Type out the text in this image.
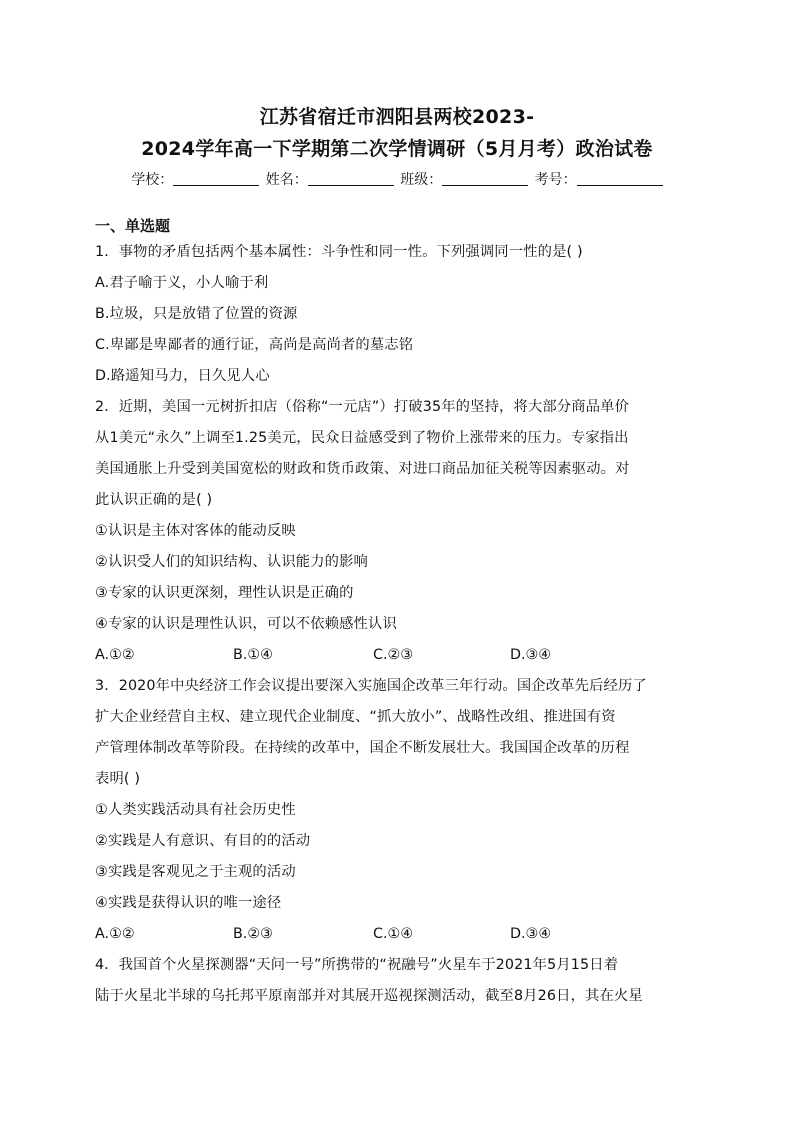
江苏省宿迁市泗阳县两校2023-
2024学年高一下学期第二次学情调研（5月月考）政治试卷
学校：	姓名：	班级：	考号：
一、单选题
1．事物的矛盾包括两个基本属性：斗争性和同一性。下列强调同一性的是( )
A.君子喻于义，小人喻于利
B.垃圾，只是放错了位置的资源
C.卑鄙是卑鄙者的通行证，高尚是高尚者的墓志铭
D.路遥知马力，日久见人心
2．近期，美国一元树折扣店（俗称“一元店”）打破35年的坚持，将大部分商品单价
从1美元“永久”上调至1.25美元，民众日益感受到了物价上涨带来的压力。专家指出
美国通胀上升受到美国宽松的财政和货币政策、对进口商品加征关税等因素驱动。对
此认识正确的是( )
①认识是主体对客体的能动反映
②认识受人们的知识结构、认识能力的影响
③专家的认识更深刻，理性认识是正确的
④专家的认识是理性认识，可以不依赖感性认识
A.①②	B.①④	C.②③	D.③④
3．2020年中央经济工作会议提出要深入实施国企改革三年行动。国企改革先后经历了
扩大企业经营自主权、建立现代企业制度、“抓大放小”、战略性改组、推进国有资
产管理体制改革等阶段。在持续的改革中，国企不断发展壮大。我国国企改革的历程
表明( )
①人类实践活动具有社会历史性
②实践是人有意识、有目的的活动
③实践是客观见之于主观的活动
④实践是获得认识的唯一途径
A.①②	B.②③	C.①④	D.③④
4．我国首个火星探测器“天问一号”所携带的“祝融号”火星车于2021年5月15日着
陆于火星北半球的乌托邦平原南部并对其展开巡视探测活动，截至8月26日，其在火星
